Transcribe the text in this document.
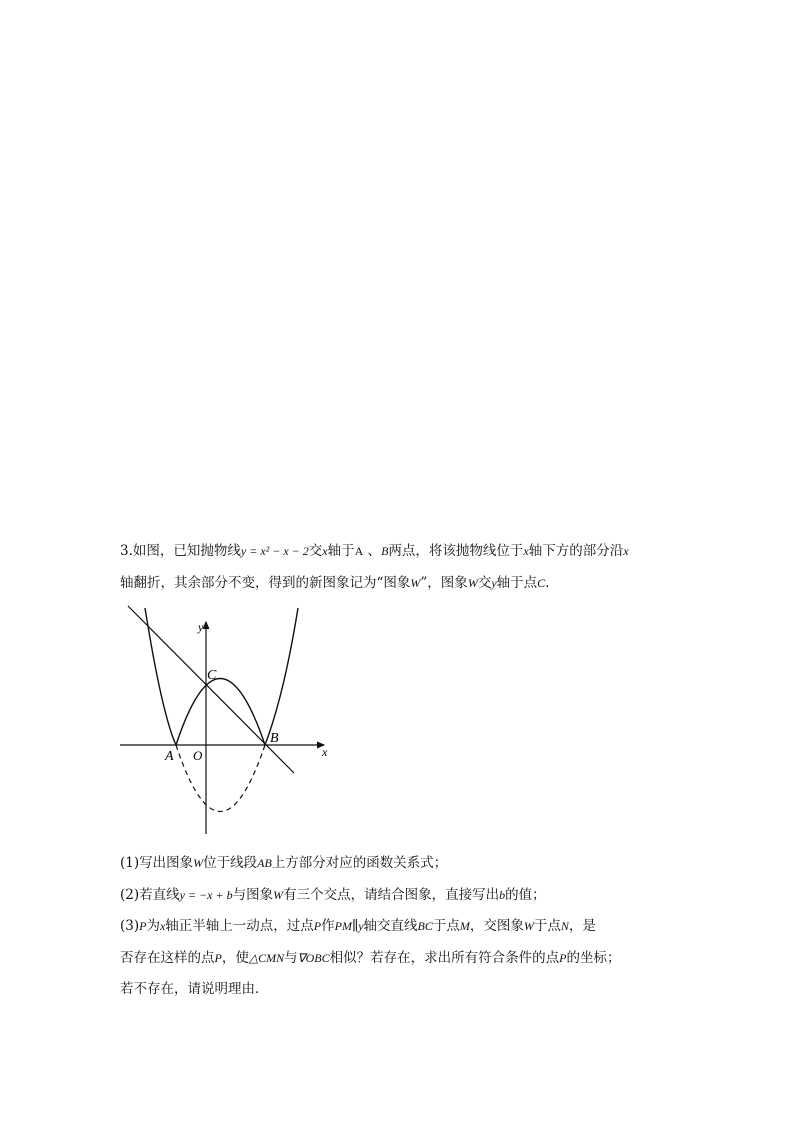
3.如图，已知抛物线y = x² − x − 2交x轴于A 、B两点，将该抛物线位于x轴下方的部分沿x
轴翻折，其余部分不变，得到的新图象记为“图象W”，图象W交y轴于点C.
y
x
C
A O
B
(1)写出图象W位于线段AB上方部分对应的函数关系式；
(2)若直线y = −x + b与图象W有三个交点，请结合图象，直接写出b的值；
(3)P为x轴正半轴上一动点，过点P作PM∥y轴交直线BC于点M，交图象W于点N，是
否存在这样的点P，使△CMN与∇OBC相似？若存在，求出所有符合条件的点P的坐标；
若不存在，请说明理由．
